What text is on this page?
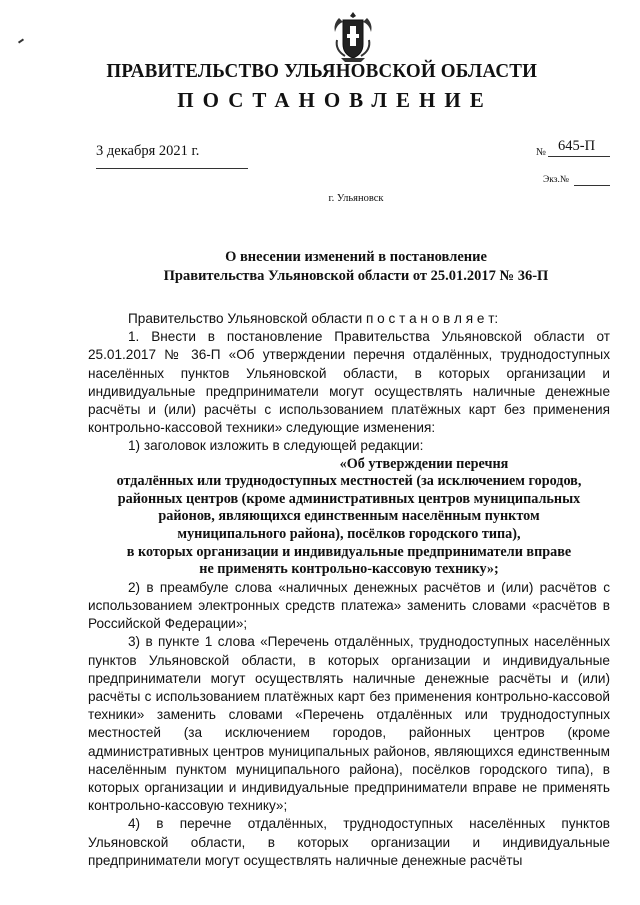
ПРАВИТЕЛЬСТВО УЛЬЯНОВСКОЙ ОБЛАСТИ
ПОСТАНОВЛЕНИЕ
3 декабря 2021 г.	№ 645-П
Экз.№
г. Ульяновск
О внесении изменений в постановление
Правительства Ульяновской области от 25.01.2017 № 36-П

Правительство Ульяновской области п о с т а н о в л я е т:

1. Внести в постановление Правительства Ульяновской области от 25.01.2017 № 36-П «Об утверждении перечня отдалённых, труднодоступных населённых пунктов Ульяновской области, в которых организации и индивидуальные предприниматели могут осуществлять наличные денежные расчёты и (или) расчёты с использованием платёжных карт без применения контрольно-кассовой техники» следующие изменения:

1) заголовок изложить в следующей редакции:

«Об утверждении перечня
отдалённых или труднодоступных местностей (за исключением городов,
районных центров (кроме административных центров муниципальных
районов, являющихся единственным населённым пунктом
муниципального района), посёлков городского типа),
в которых организации и индивидуальные предприниматели вправе
не применять контрольно-кассовую технику»;

2) в преамбуле слова «наличных денежных расчётов и (или) расчётов с использованием электронных средств платежа» заменить словами «расчётов в Российской Федерации»;

3) в пункте 1 слова «Перечень отдалённых, труднодоступных населённых пунктов Ульяновской области, в которых организации и индивидуальные предприниматели могут осуществлять наличные денежные расчёты и (или) расчёты с использованием платёжных карт без применения контрольно-кассовой техники» заменить словами «Перечень отдалённых или труднодоступных местностей (за исключением городов, районных центров (кроме административных центров муниципальных районов, являющихся единственным населённым пунктом муниципального района), посёлков городского типа), в которых организации и индивидуальные предприниматели вправе не применять контрольно-кассовую технику»;

4) в перечне отдалённых, труднодоступных населённых пунктов Ульяновской области, в которых организации и индивидуальные предприниматели могут осуществлять наличные денежные расчёты
